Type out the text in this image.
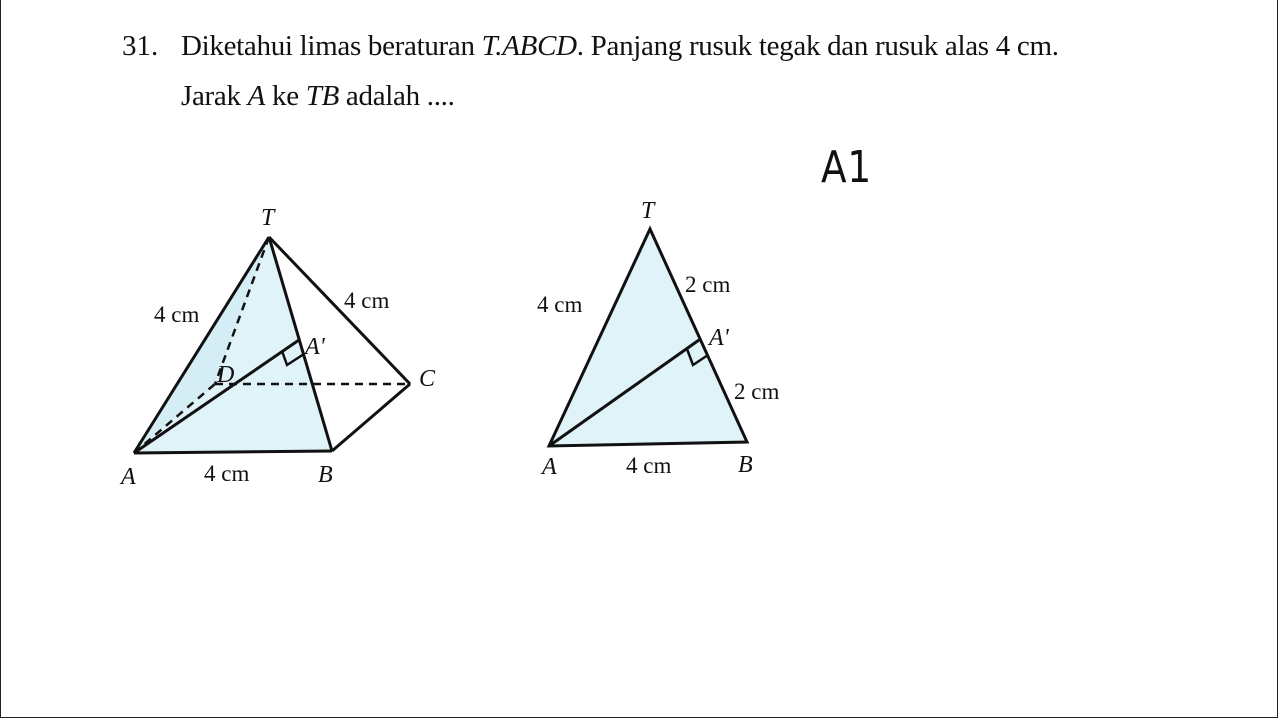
31. Diketahui limas beraturan T.ABCD. Panjang rusuk tegak dan rusuk alas 4 cm.
Jarak A ke TB adalah ....
A1
T
A	B
C
D
A'
4 cm
4 cm
4 cm
T
A	B
A'
4 cm
2 cm
2 cm
4 cm
